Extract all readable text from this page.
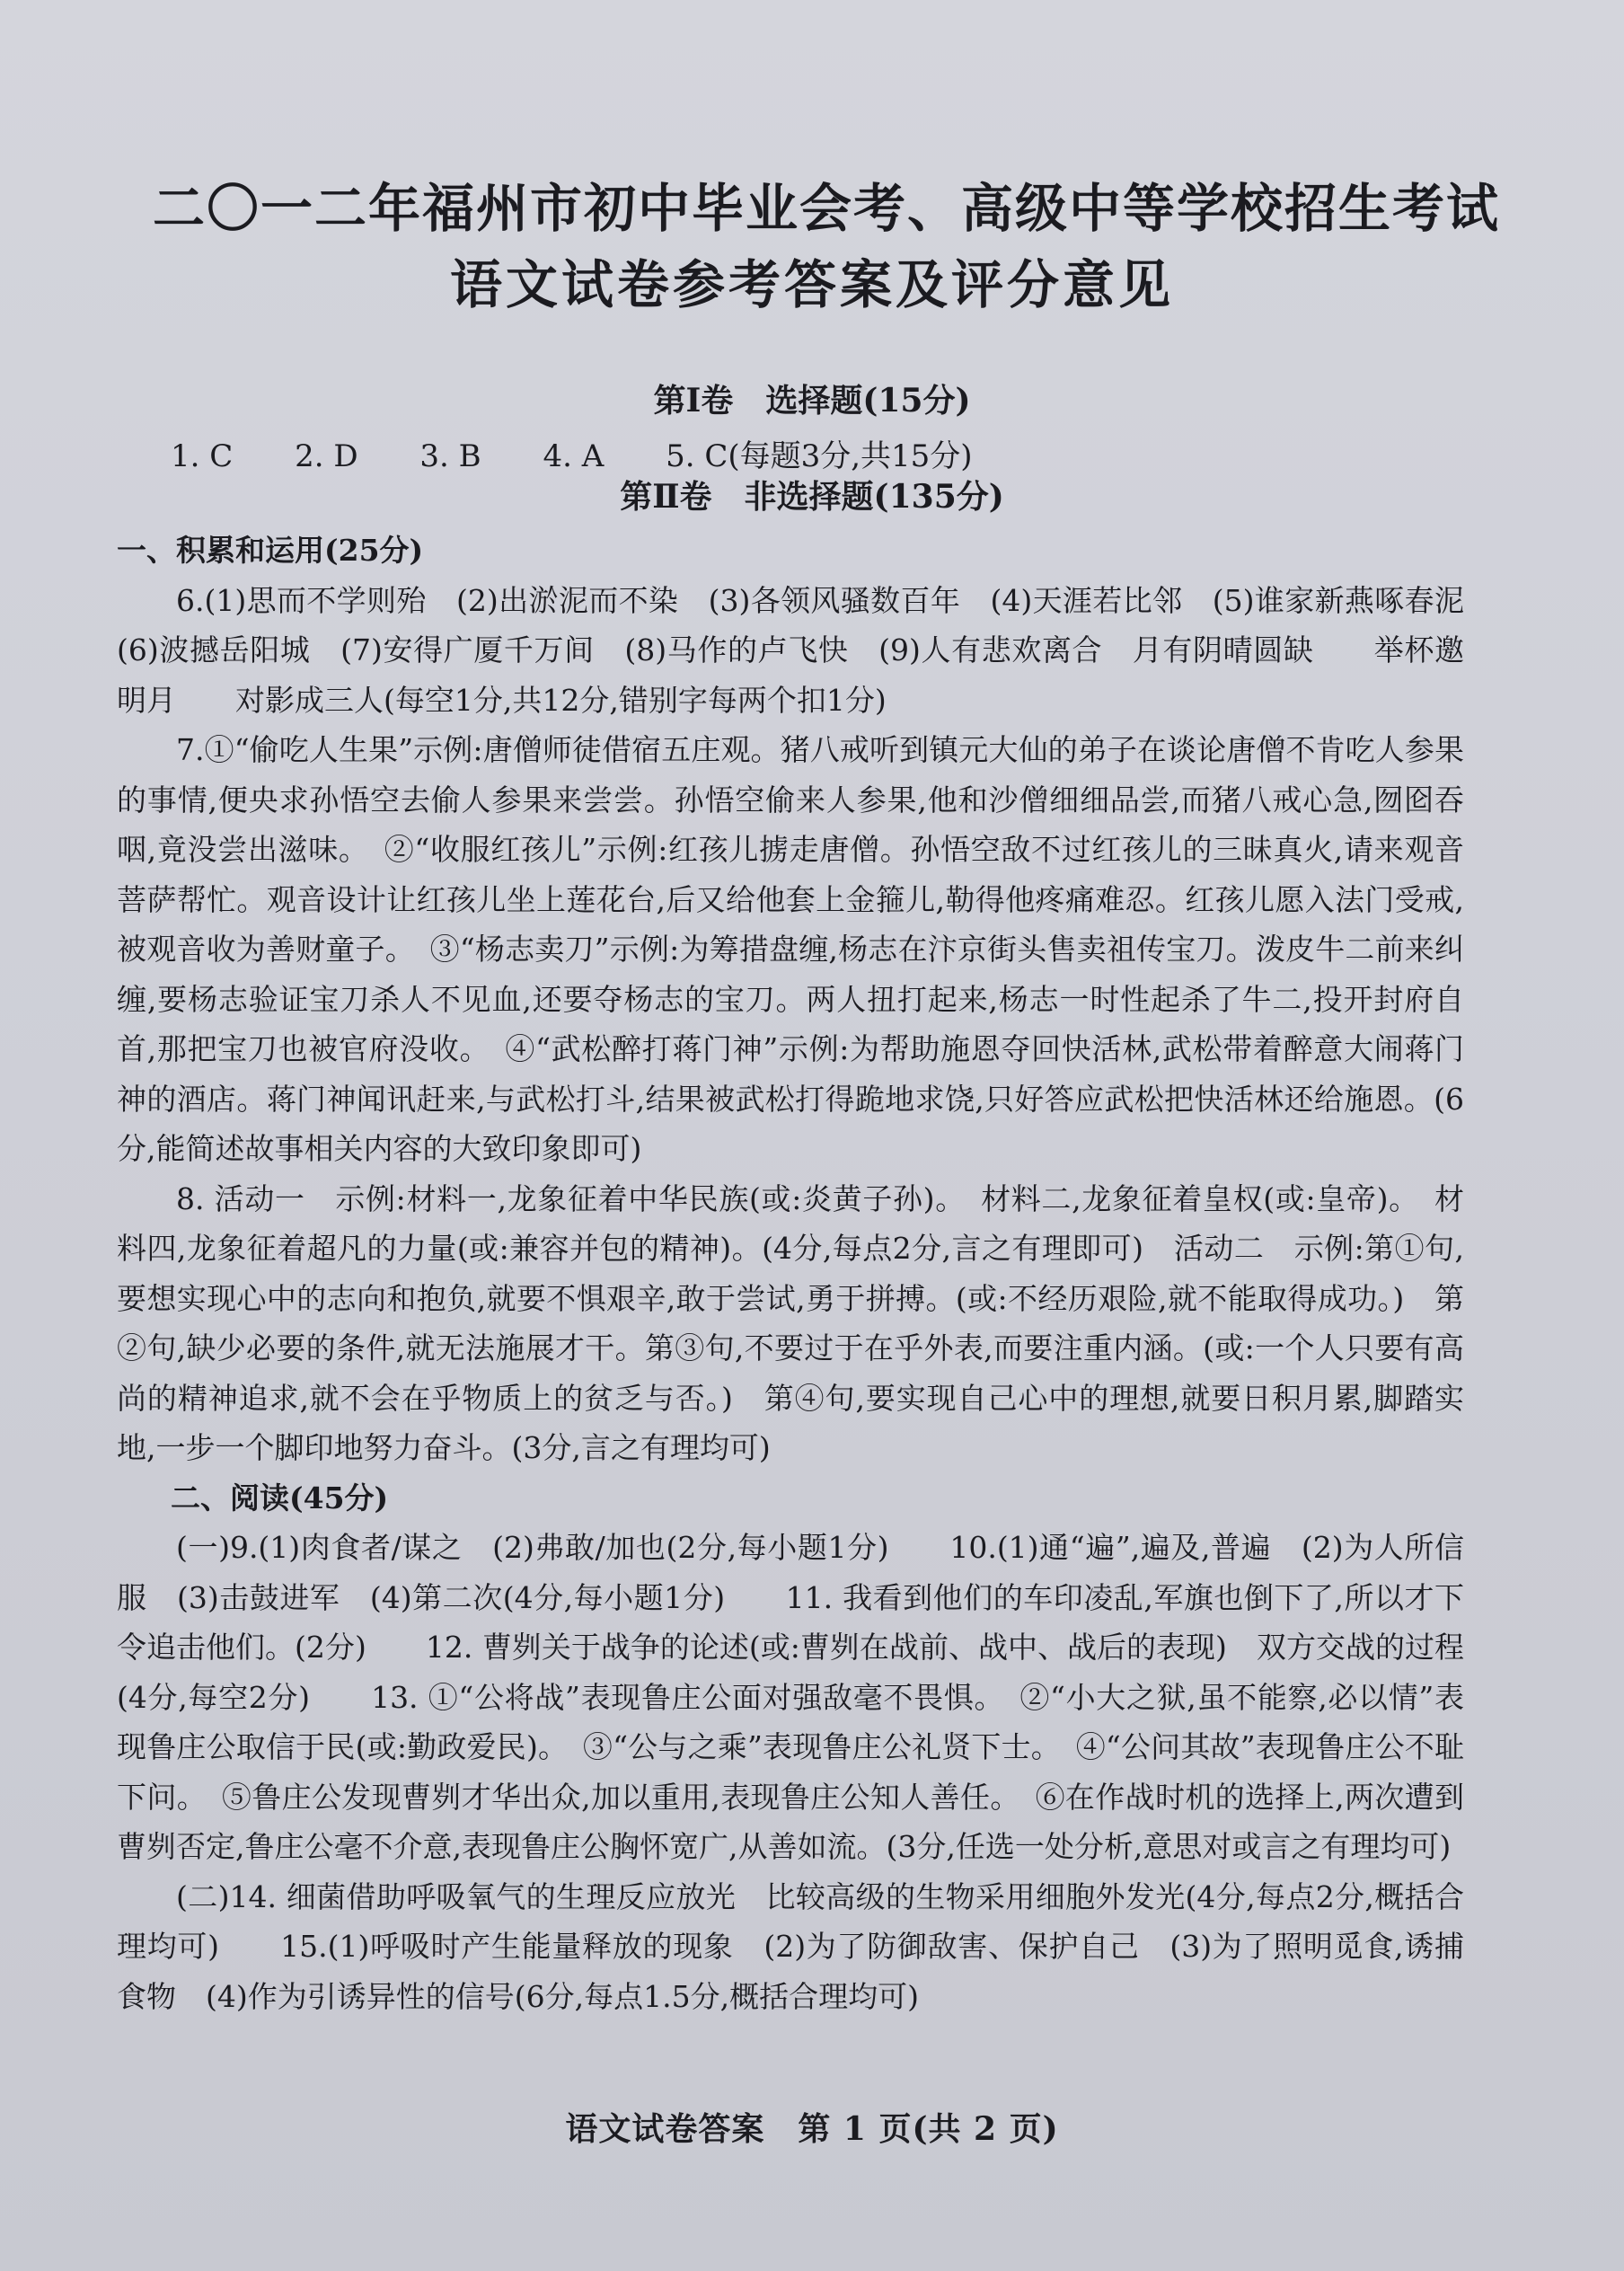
二〇一二年福州市初中毕业会考、高级中等学校招生考试
语文试卷参考答案及评分意见
第Ⅰ卷　选择题(15分)
1. C 2. D 3. B 4. A 5. C(每题3分,共15分)
第Ⅱ卷　非选择题(135分)

一、积累和运用(25分)

6.(1)思而不学则殆　(2)出淤泥而不染　(3)各领风骚数百年　(4)天涯若比邻　(5)谁家新燕啄春泥　(6)波撼岳阳城　(7)安得广厦千万间　(8)马作的卢飞快　(9)人有悲欢离合　月有阴晴圆缺　　举杯邀明月　　对影成三人(每空1分,共12分,错别字每两个扣1分)

7.①“偷吃人生果”示例:唐僧师徒借宿五庄观。猪八戒听到镇元大仙的弟子在谈论唐僧不肯吃人参果的事情,便央求孙悟空去偷人参果来尝尝。孙悟空偷来人参果,他和沙僧细细品尝,而猪八戒心急,囫囵吞咽,竟没尝出滋味。　②“收服红孩儿”示例:红孩儿掳走唐僧。孙悟空敌不过红孩儿的三昧真火,请来观音菩萨帮忙。观音设计让红孩儿坐上莲花台,后又给他套上金箍儿,勒得他疼痛难忍。红孩儿愿入法门受戒,被观音收为善财童子。　③“杨志卖刀”示例:为筹措盘缠,杨志在汴京街头售卖祖传宝刀。泼皮牛二前来纠缠,要杨志验证宝刀杀人不见血,还要夺杨志的宝刀。两人扭打起来,杨志一时性起杀了牛二,投开封府自首,那把宝刀也被官府没收。　④“武松醉打蒋门神”示例:为帮助施恩夺回快活林,武松带着醉意大闹蒋门神的酒店。蒋门神闻讯赶来,与武松打斗,结果被武松打得跪地求饶,只好答应武松把快活林还给施恩。(6分,能简述故事相关内容的大致印象即可)

8. 活动一　示例:材料一,龙象征着中华民族(或:炎黄子孙)。　材料二,龙象征着皇权(或:皇帝)。　材料四,龙象征着超凡的力量(或:兼容并包的精神)。(4分,每点2分,言之有理即可)　活动二　示例:第①句,要想实现心中的志向和抱负,就要不惧艰辛,敢于尝试,勇于拼搏。(或:不经历艰险,就不能取得成功。)　第②句,缺少必要的条件,就无法施展才干。第③句,不要过于在乎外表,而要注重内涵。(或:一个人只要有高尚的精神追求,就不会在乎物质上的贫乏与否。)　第④句,要实现自己心中的理想,就要日积月累,脚踏实地,一步一个脚印地努力奋斗。(3分,言之有理均可)

二、阅读(45分)

(一)9.(1)肉食者/谋之　(2)弗敢/加也(2分,每小题1分)　　10.(1)通“遍”,遍及,普遍　(2)为人所信服　(3)击鼓进军　(4)第二次(4分,每小题1分)　　11. 我看到他们的车印凌乱,军旗也倒下了,所以才下令追击他们。(2分)　　12. 曹刿关于战争的论述(或:曹刿在战前、战中、战后的表现)　双方交战的过程(4分,每空2分)　　13. ①“公将战”表现鲁庄公面对强敌毫不畏惧。　②“小大之狱,虽不能察,必以情”表现鲁庄公取信于民(或:勤政爱民)。　③“公与之乘”表现鲁庄公礼贤下士。　④“公问其故”表现鲁庄公不耻下问。　⑤鲁庄公发现曹刿才华出众,加以重用,表现鲁庄公知人善任。　⑥在作战时机的选择上,两次遭到曹刿否定,鲁庄公毫不介意,表现鲁庄公胸怀宽广,从善如流。(3分,任选一处分析,意思对或言之有理均可)

(二)14. 细菌借助呼吸氧气的生理反应放光　比较高级的生物采用细胞外发光(4分,每点2分,概括合理均可)　　15.(1)呼吸时产生能量释放的现象　(2)为了防御敌害、保护自己　(3)为了照明觅食,诱捕食物　(4)作为引诱异性的信号(6分,每点1.5分,概括合理均可)

语文试卷答案　第 1 页(共 2 页)
